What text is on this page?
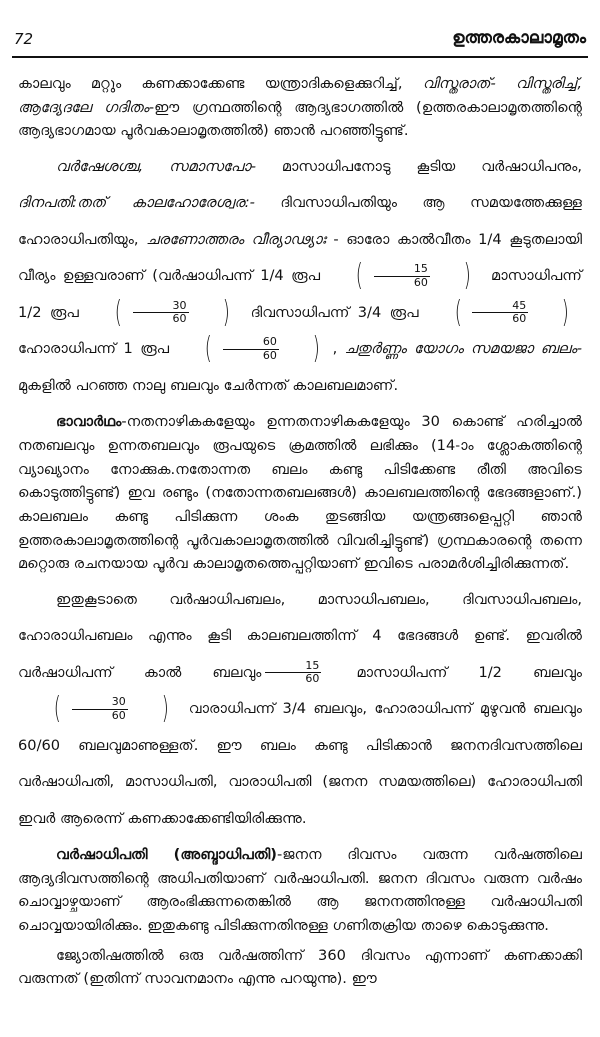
72	ഉത്തരകാലാമൃതം

കാലവും മറ്റും കണക്കാക്കേണ്ട യന്ത്രാദികളെക്കുറിച്ച്, വിസ്തരാത്- വിസ്തരിച്ച്, ആദ്യേദലേ ഗദിതം-ഈ ഗ്രന്ഥത്തിന്റെ ആദ്യഭാഗത്തിൽ (ഉത്തരകാലാമൃതത്തിന്റെ ആദ്യഭാഗമായ പൂർവകാലാമൃതത്തിൽ) ഞാൻ പറഞ്ഞിട്ടുണ്ട്.

വർഷേശശ്ച, സമാസപോ- മാസാധിപനോടു കൂടിയ വർഷാധിപനും, ദിനപതി:തത് കാലഹോരേശ്വര:- ദിവസാധിപതിയും ആ സമയത്തേക്കുള്ള ഹോരാധിപതിയും, ചരണോത്തരം വീര്യാഢ്യാഃ - ഓരോ കാൽവീതം 1/4 കൂടുതലായി വീര്യം ഉള്ളവരാണ് (വർഷാധിപന്ന് 1/4 രൂപ	( $\frac{15}{60}$	) മാസാധിപന്ന് 1/2 രൂപ	( $\frac{30}{60}$	) ദിവസാധിപന്ന് 3/4 രൂപ	( $\frac{45}{60}$	)
ഹോരാധിപന്ന് 1 രൂപ	( $\frac{60}{60}$	) , ചതുർണ്ണം യോഗം സമയജാ ബലം- മുകളിൽ പറഞ്ഞ നാലു ബലവും ചേർന്നത് കാലബലമാണ്.

ഭാവാർഥം-നതനാഴികകളേയും ഉന്നതനാഴികകളേയും 30 കൊണ്ട് ഹരിച്ചാൽ നതബലവും ഉന്നതബലവും രൂപയുടെ ക്രമത്തിൽ ലഭിക്കും (14-ാം ശ്ലോകത്തിന്റെ വ്യാഖ്യാനം നോക്കുക.നതോന്നത ബലം കണ്ടു പിടിക്കേണ്ട രീതി അവിടെ കൊടുത്തിട്ടുണ്ട്) ഇവ രണ്ടും (നതോന്നതബലങ്ങൾ) കാലബലത്തിന്റെ ഭേദങ്ങളാണ്.) കാലബലം കണ്ടു പിടിക്കുന്ന ശംക തുടങ്ങിയ യന്ത്രങ്ങളെപ്പറ്റി ഞാൻ ഉത്തരകാലാമൃതത്തിന്റെ പൂർവകാലാമൃതത്തിൽ വിവരിച്ചിട്ടുണ്ട്) ഗ്രന്ഥകാരന്റെ തന്നെ മറ്റൊരു രചനയായ പൂർവ കാലാമൃതത്തെപ്പറ്റിയാണ് ഇവിടെ പരാമർശിച്ചിരിക്കുന്നത്.

ഇതുകൂടാതെ വർഷാധിപബലം, മാസാധിപബലം, ദിവസാധിപബലം, ഹോരാധിപബലം എന്നും കൂടി കാലബലത്തിന്ന് 4 ഭേദങ്ങൾ ഉണ്ട്. ഇവരിൽ വർഷാധിപന്ന് കാൽ ബലവും $\frac{15}{60}$ മാസാധിപന്ന് 1/2 ബലവും
( $\frac{30}{60}$	) വാരാധിപന്ന് 3/4 ബലവും, ഹോരാധിപന്ന് മുഴുവൻ ബലവും 60/60 ബലവുമാണുള്ളത്. ഈ ബലം കണ്ടു പിടിക്കാൻ ജനനദിവസത്തിലെ വർഷാധിപതി, മാസാധിപതി, വാരാധിപതി (ജനന സമയത്തിലെ) ഹോരാധിപതി ഇവർ ആരെന്ന് കണക്കാക്കേണ്ടിയിരിക്കുന്നു.

വർഷാധിപതി (അബ്ദാധിപതി)-ജനന ദിവസം വരുന്ന വർഷത്തിലെ ആദ്യദിവസത്തിന്റെ അധിപതിയാണ് വർഷാധിപതി. ജനന ദിവസം വരുന്ന വർഷം ചൊവ്വാഴ്ചയാണ് ആരംഭിക്കുന്നതെങ്കിൽ ആ ജനനത്തിനുള്ള വർഷാധിപതി ചൊവ്വയായിരിക്കും. ഇതുകണ്ടു പിടിക്കുന്നതിനുള്ള ഗണിതക്രിയ താഴെ കൊടുക്കുന്നു.

ജ്യോതിഷത്തിൽ ഒരു വർഷത്തിന്ന് 360 ദിവസം എന്നാണ് കണക്കാക്കി വരുന്നത് (ഇതിന്ന് സാവനമാനം എന്നു പറയുന്നു). ഈ
